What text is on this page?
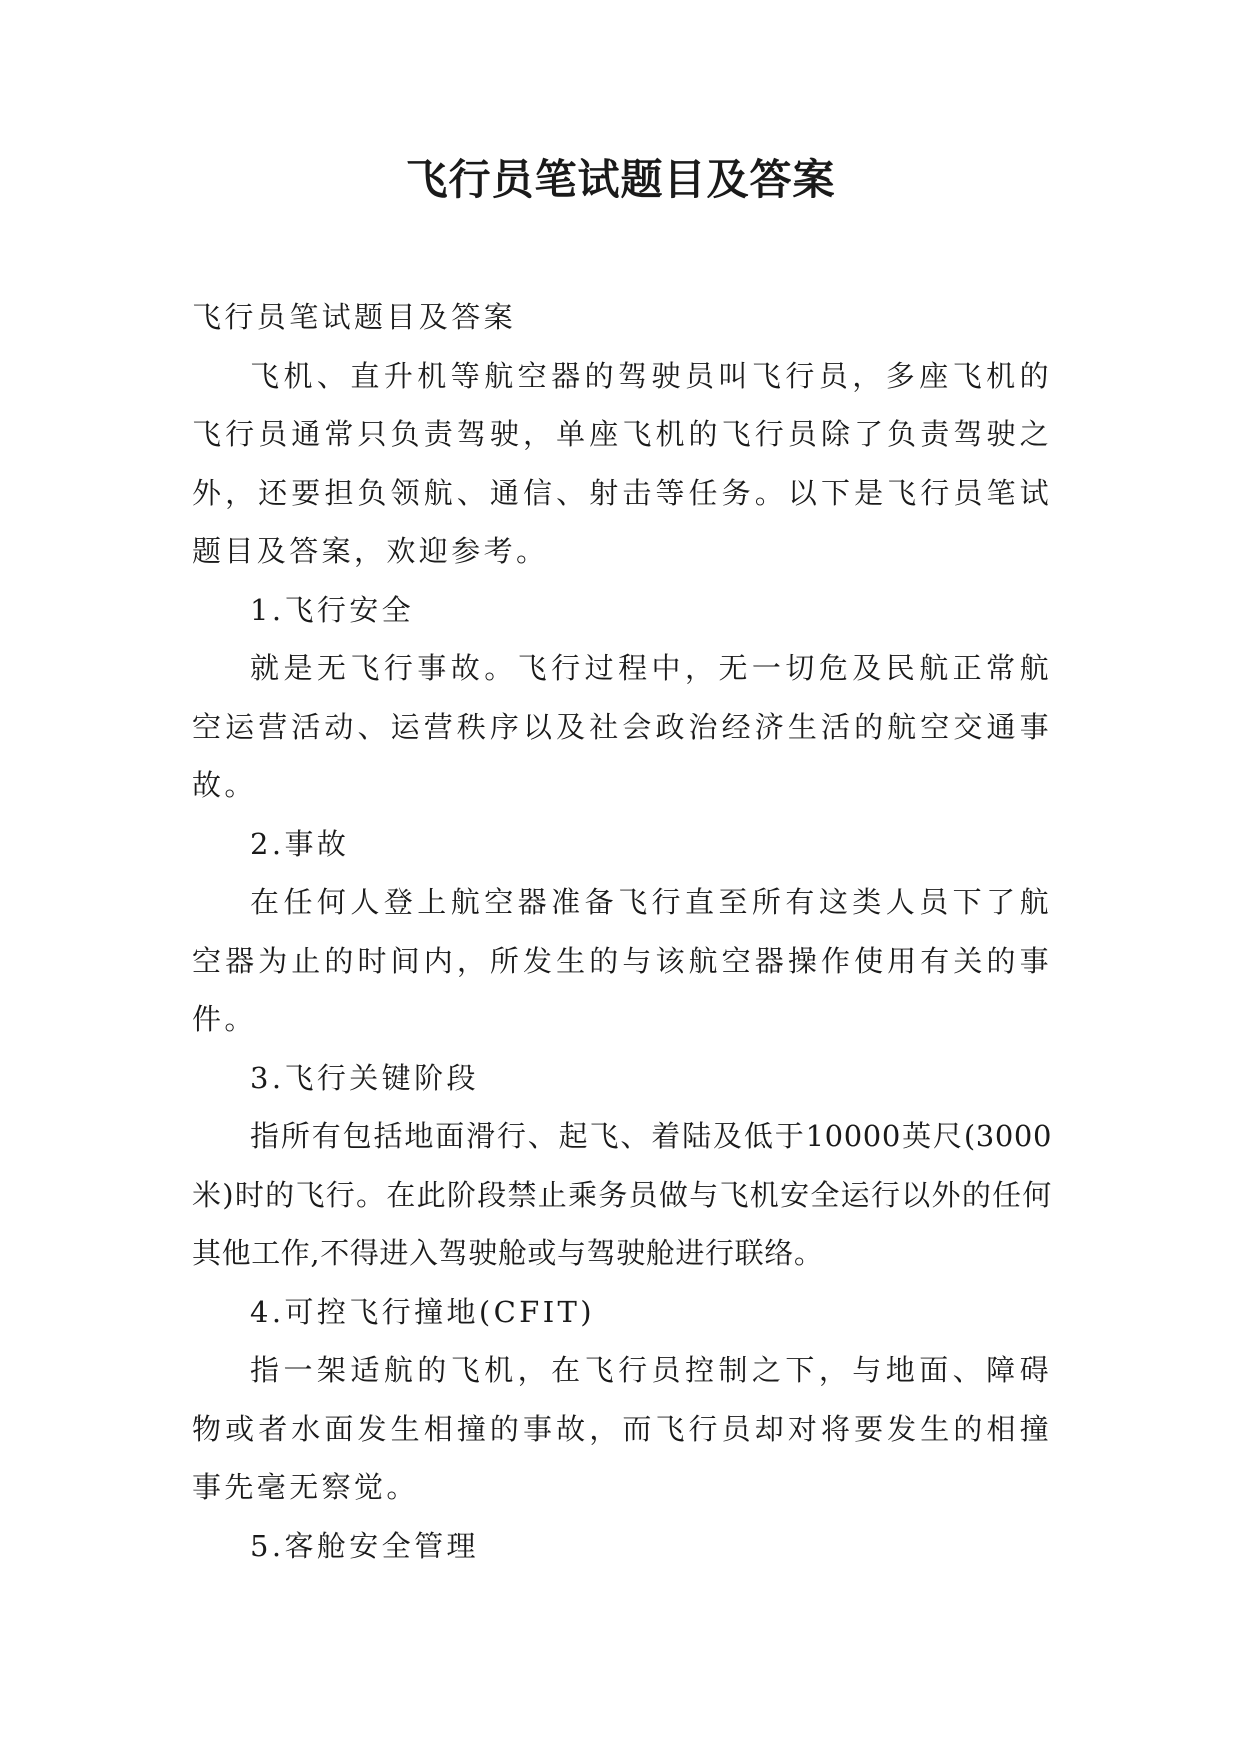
飞行员笔试题目及答案

飞行员笔试题目及答案

飞机、直升机等航空器的驾驶员叫飞行员，多座飞机的飞行员通常只负责驾驶，单座飞机的飞行员除了负责驾驶之外，还要担负领航、通信、射击等任务。以下是飞行员笔试题目及答案，欢迎参考。

1.飞行安全

就是无飞行事故。飞行过程中，无一切危及民航正常航空运营活动、运营秩序以及社会政治经济生活的航空交通事故。

2.事故

在任何人登上航空器准备飞行直至所有这类人员下了航空器为止的时间内，所发生的与该航空器操作使用有关的事件。

3.飞行关键阶段

指所有包括地面滑行、起飞、着陆及低于10000英尺(3000米)时的飞行。在此阶段禁止乘务员做与飞机安全运行以外的任何其他工作,不得进入驾驶舱或与驾驶舱进行联络。

4.可控飞行撞地(CFIT)

指一架适航的飞机，在飞行员控制之下，与地面、障碍物或者水面发生相撞的事故，而飞行员却对将要发生的相撞事先毫无察觉。

5.客舱安全管理
